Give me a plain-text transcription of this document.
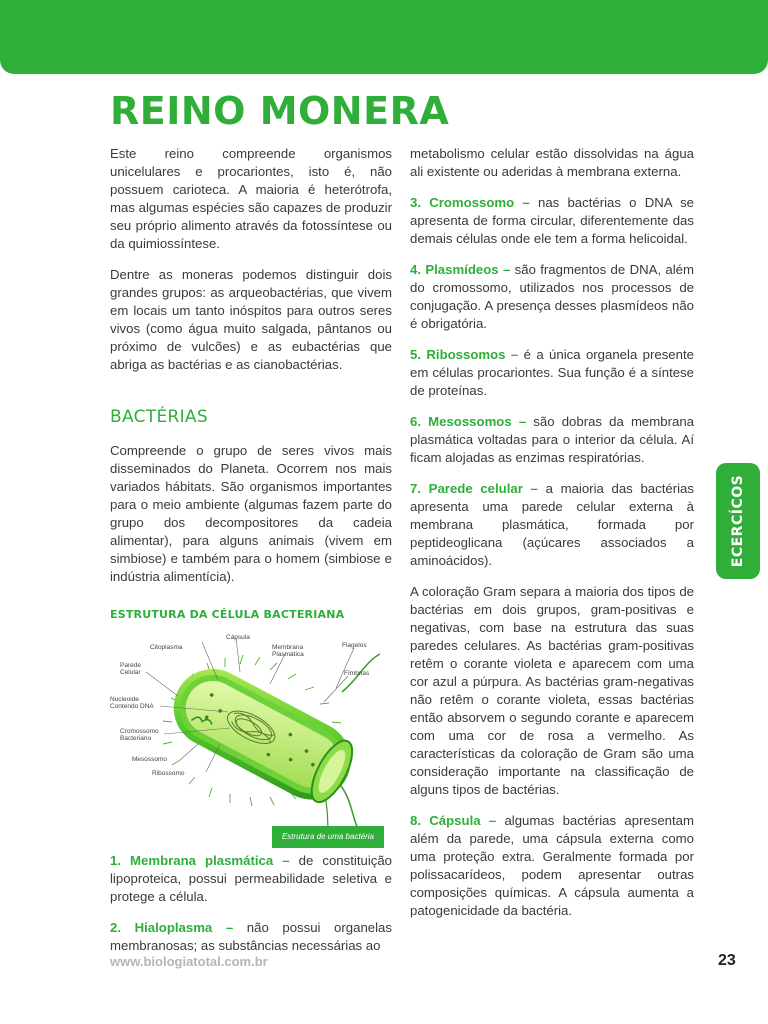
REINO MONERA

Este reino compreende organismos unicelulares e procariontes, isto é, não possuem carioteca. A maioria é heterótrofa, mas algumas espécies são capazes de produzir seu próprio alimento através da fotossíntese ou da quimiossíntese.

Dentre as moneras podemos distinguir dois grandes grupos: as arqueobactérias, que vivem em locais um tanto inóspitos para outros seres vivos (como água muito salgada, pântanos ou próximo de vulcões) e as eubactérias que abriga as bactérias e as cianobactérias.

BACTÉRIAS

Compreende o grupo de seres vivos mais disseminados do Planeta. Ocorrem nos mais variados hábitats. São organismos importantes para o meio ambiente (algumas fazem parte do grupo dos decompositores da cadeia alimentar), para alguns animais (vivem em simbiose) e também para o homem (simbiose e indústria alimentícia).

ESTRUTURA DA CÉLULA BACTERIANA
Citoplasma
Cápsula
Membrana
Plasmática
Flagelos
Parede
Celular	Fímbrias
Nucleoide
Contendo DNA
Cromossomo
Bacteriano
Mesossomo
Ribossomo
Estrutura de uma bactéria

1. Membrana plasmática – de constituição lipoproteica, possui permeabilidade seletiva e protege a célula.

2. Hialoplasma – não possui organelas membranosas; as substâncias necessárias ao

metabolismo celular estão dissolvidas na água ali existente ou aderidas à membrana externa.

3. Cromossomo – nas bactérias o DNA se apresenta de forma circular, diferentemente das demais células onde ele tem a forma helicoidal.

4. Plasmídeos – são fragmentos de DNA, além do cromossomo, utilizados nos processos de conjugação. A presença desses plasmídeos não é obrigatória.

5. Ribossomos – é a única organela presente em células procariontes. Sua função é a síntese de proteínas.

6. Mesossomos – são dobras da membrana plasmática voltadas para o interior da célula. Aí ficam alojadas as enzimas respiratórias.

7. Parede celular – a maioria das bactérias apresenta uma parede celular externa à membrana plasmática, formada por peptideoglicana (açúcares associados a aminoácidos).

A coloração Gram separa a maioria dos tipos de bactérias em dois grupos, gram-positivas e negativas, com base na estrutura das suas paredes celulares. As bactérias gram-positivas retêm o corante violeta e aparecem com uma cor azul a púrpura. As bactérias gram-negativas não retêm o corante violeta, essas bactérias então absorvem o segundo corante e aparecem com uma cor de rosa a vermelho. As características da coloração de Gram são uma consideração importante na classificação de alguns tipos de bactérias.

8. Cápsula – algumas bactérias apresentam além da parede, uma cápsula externa como uma proteção extra. Geralmente formada por polissacarídeos, podem apresentar outras composições químicas. A cápsula aumenta a patogenicidade da bactéria.

ECERCÍCOS
www.biologiatotal.com.br	23
